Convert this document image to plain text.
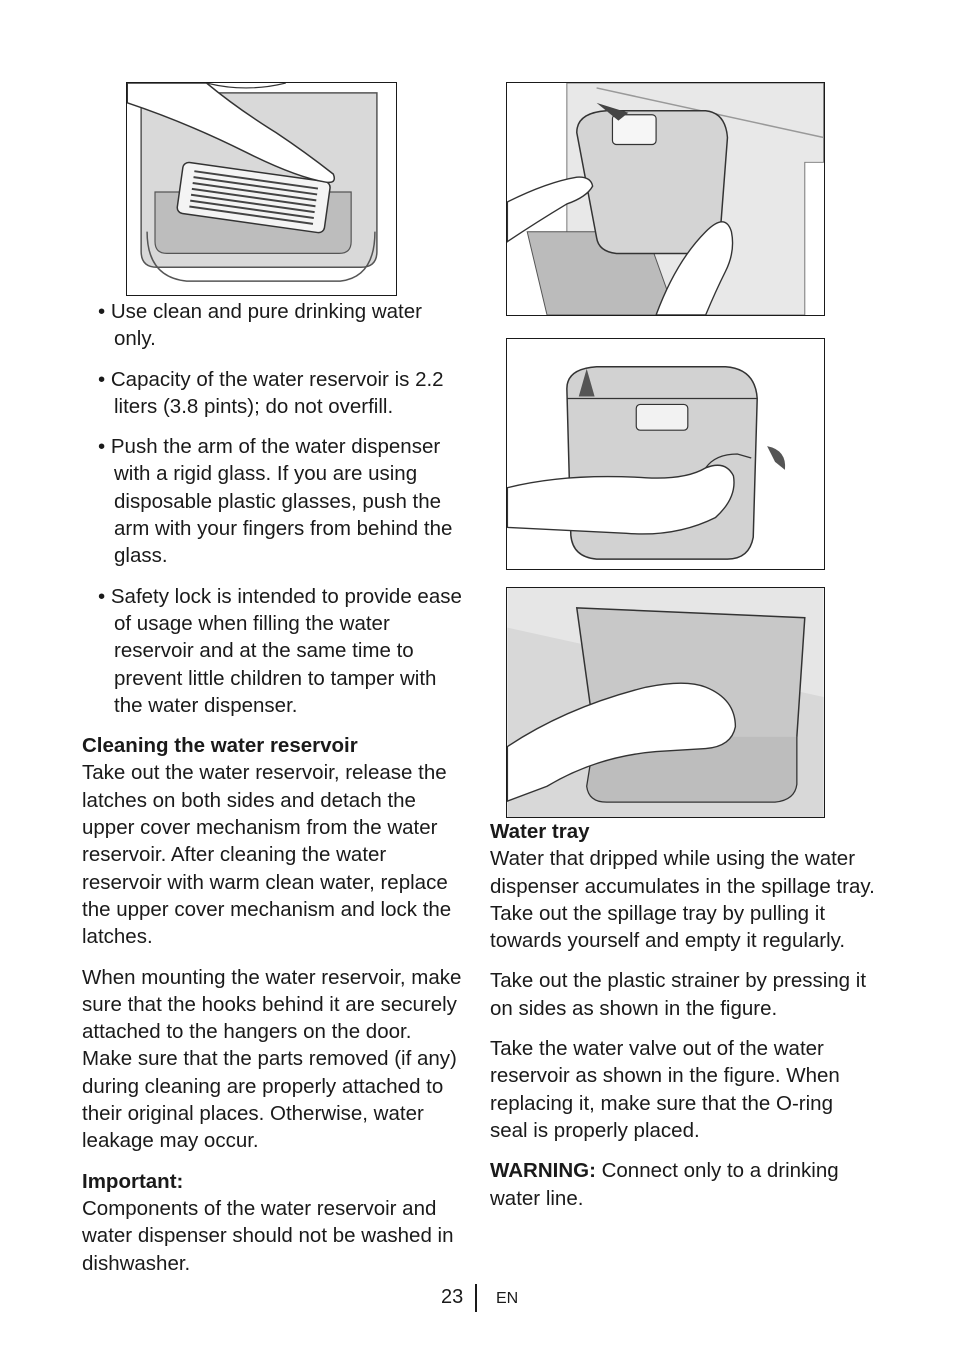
• Use clean and pure drinking water only.

• Capacity of the water reservoir is 2.2 liters (3.8 pints); do not overfill.

• Push the arm of the water dispenser with a rigid glass. If you are using disposable plastic glasses, push the arm with your fingers from behind the glass.

• Safety lock is intended to provide ease of usage when filling the water reservoir and at the same time to prevent little children to tamper with the water dispenser.

Cleaning the water reservoir
Take out the water reservoir, release the latches on both sides and detach the upper cover mechanism from the water reservoir. After cleaning the water reservoir with warm clean water, replace the upper cover mechanism and lock the latches.

When mounting the water reservoir, make sure that the hooks behind it are securely attached to the hangers on the door. Make sure that the parts removed (if any) during cleaning are properly attached to their original places. Otherwise, water leakage may occur.

Important:
Components of the water reservoir and water dispenser should not be washed in dishwasher.

Water tray
Water that dripped while using the water dispenser accumulates in the spillage tray. Take out the spillage tray by pulling it towards yourself and empty it regularly.

Take out the plastic strainer by pressing it on sides as shown in the figure.

Take the water valve out of the water reservoir as shown in the figure. When replacing it, make sure that the O-ring seal is properly placed.

WARNING: Connect only to a drinking water line.

23 EN
